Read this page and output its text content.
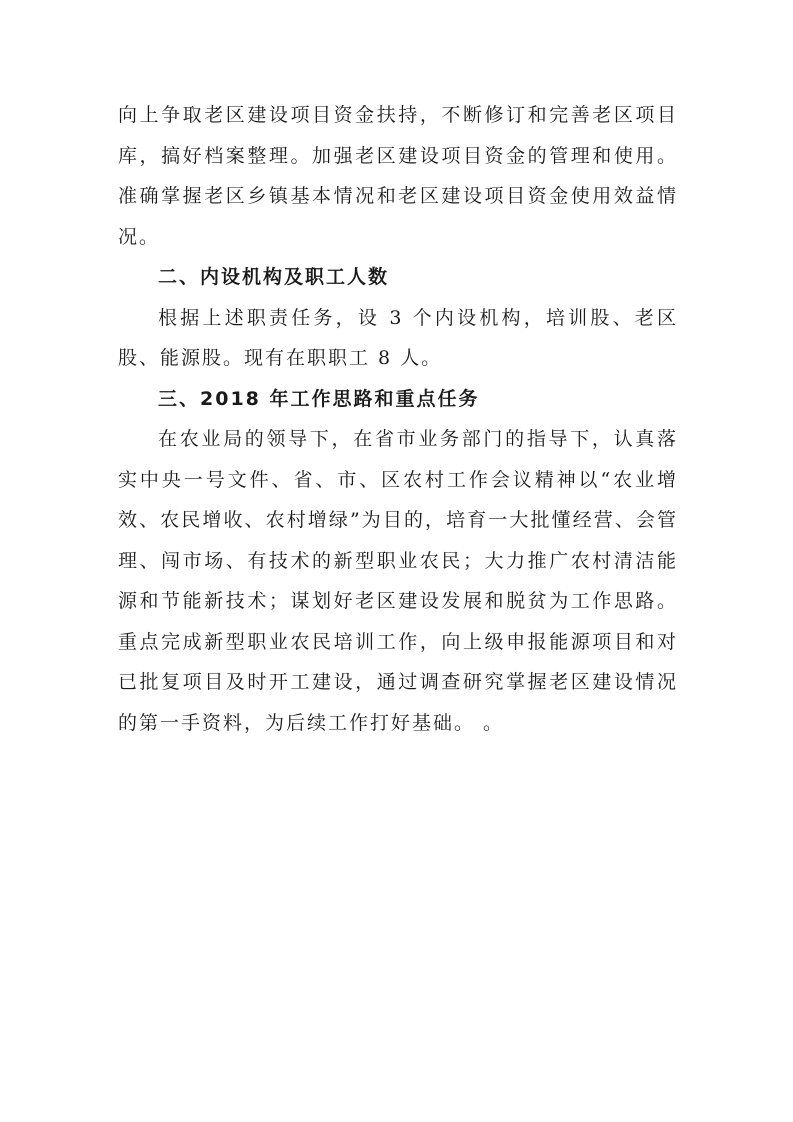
向上争取老区建设项目资金扶持，不断修订和完善老区项目库，搞好档案整理。加强老区建设项目资金的管理和使用。准确掌握老区乡镇基本情况和老区建设项目资金使用效益情况。

二、内设机构及职工人数

根据上述职责任务，设 3 个内设机构，培训股、老区股、能源股。现有在职职工 8 人。

三、2018 年工作思路和重点任务

在农业局的领导下，在省市业务部门的指导下，认真落实中央一号文件、省、市、区农村工作会议精神以“农业增效、农民增收、农村增绿”为目的，培育一大批懂经营、会管理、闯市场、有技术的新型职业农民；大力推广农村清洁能源和节能新技术；谋划好老区建设发展和脱贫为工作思路。重点完成新型职业农民培训工作，向上级申报能源项目和对已批复项目及时开工建设，通过调查研究掌握老区建设情况的第一手资料，为后续工作打好基础。 。
